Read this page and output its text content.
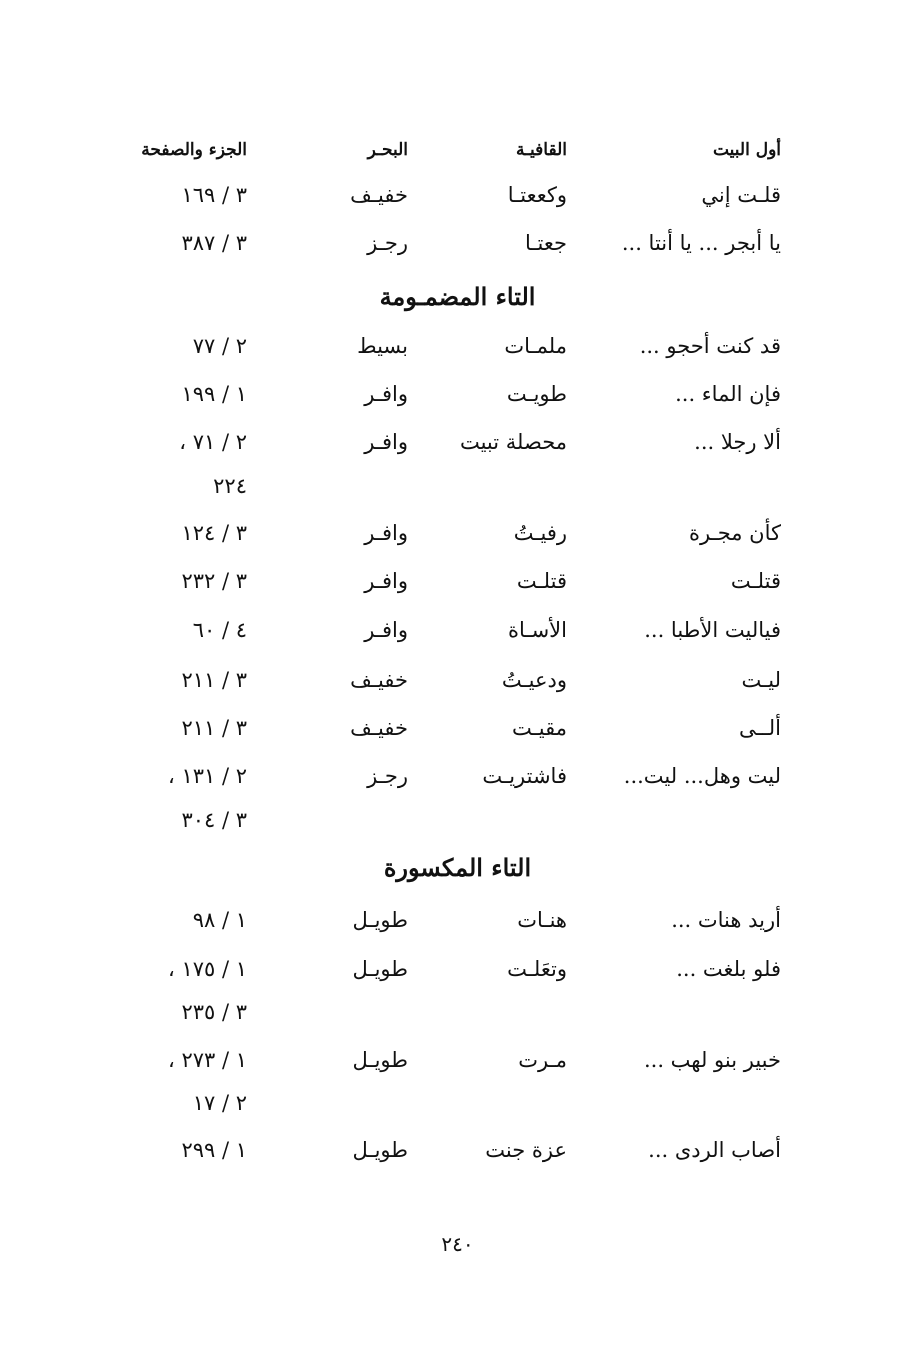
أول البيت
القافيـة
البحـر
الجزء والصفحة
قلـت إني
وكععتـا
خفيـف
٣ / ١٦٩
يا أبجر ... يا أنتا ...
جعتـا
رجـز
٣ / ٣٨٧
التاء المضمـومة
قد كنت أحجو ...
ملمـات
بسيط
٢ / ٧٧
فإن الماء ...
طويـت
وافـر
١ / ١٩٩
ألا رجلا ...
محصلة تبيت
وافـر
٢ / ٧١ ،
٢٢٤
كأن مجـرة
رفيـتُ
وافـر
٣ / ١٢٤
قتلـت
قتلـت
وافـر
٣ / ٢٣٢
فياليت الأطبا ...
الأسـاة
وافـر
٤ / ٦٠
ليـت
ودعيـتُ
خفيـف
٣ / ٢١١
ألــى
مقيـت
خفيـف
٣ / ٢١١
ليت وهل... ليت...
فاشتريـت
رجـز
٢ / ١٣١ ،
٣ / ٣٠٤
التاء المكسورة
أريد هنات ...
هنـات
طويـل
١ / ٩٨
فلو بلغت ...
وتعَلـت
طويـل
١ / ١٧٥ ،
٣ / ٢٣٥
خبير بنو لهب ...
مـرت
طويـل
١ / ٢٧٣ ،
٢ / ١٧
أصاب الردى ...
عزة جنت
طويـل
١ / ٢٩٩
٢٤٠
